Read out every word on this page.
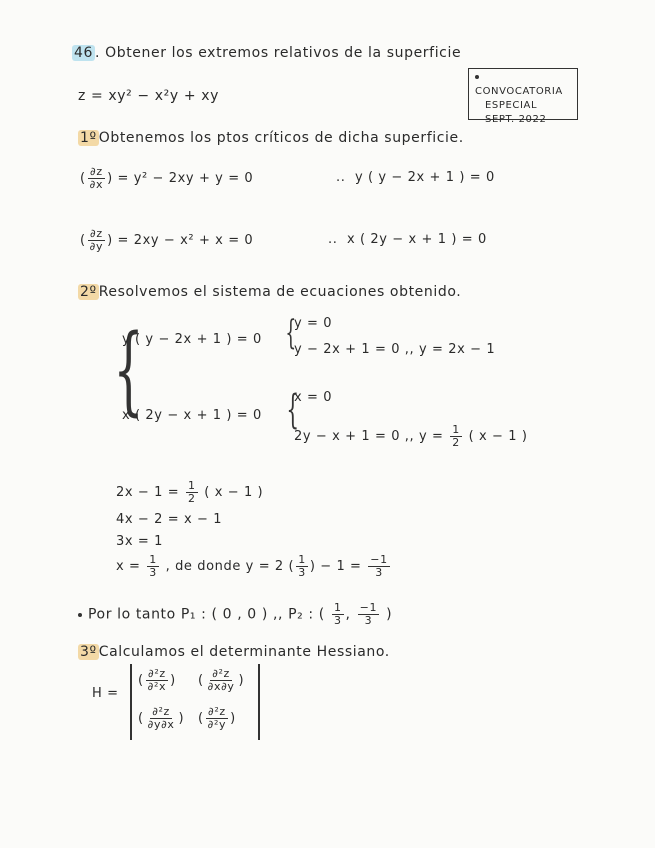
46 . Obtener los extremos relativos de la superficie
z = xy² − x²y + xy	CONVOCATORIA
ESPECIAL
SEPT. 2022
1º Obtenemos los ptos críticos de dicha superficie.
( $\frac{\partial z}{\partial x}$ ) = y² − 2xy + y = 0	.. y ( y − 2x + 1 ) = 0
( $\frac{\partial z}{\partial y}$ ) = 2xy − x² + x = 0	.. x ( 2y − x + 1 ) = 0
2º Resolvemos el sistema de ecuaciones obtenido.
{
y ( y − 2x + 1 ) = 0 {
y = 0
y − 2x + 1 = 0 ,, y = 2x − 1
x ( 2y − x + 1 ) = 0 {
x = 0
2y − x + 1 = 0 ,, $y = \frac{1}{2}$ ( x − 1 )
$2x - 1 = \frac{1}{2}$ ( x − 1 )
4x − 2 = x − 1
3x = 1
$x = \frac{1}{3}$ , de donde y = 2 ( $\frac{1}{3}$ ) − $1 = \frac{-1}{3}$
Por lo tanto P₁ : ( 0 , 0 ) ,, P₂ : ( $\frac{1}{3}$ , $\frac{-1}{3}$ )
3º Calculamos el determinante Hessiano.
H =
( $\frac{\text{∂²z}}{\text{∂²x}}$ ) ( $\frac{\text{∂²z}}{\partial x\partial y}$ )
( $\frac{\text{∂²z}}{\partial y\partial x}$ ) ( $\frac{\text{∂²z}}{\text{∂²y}}$ )
